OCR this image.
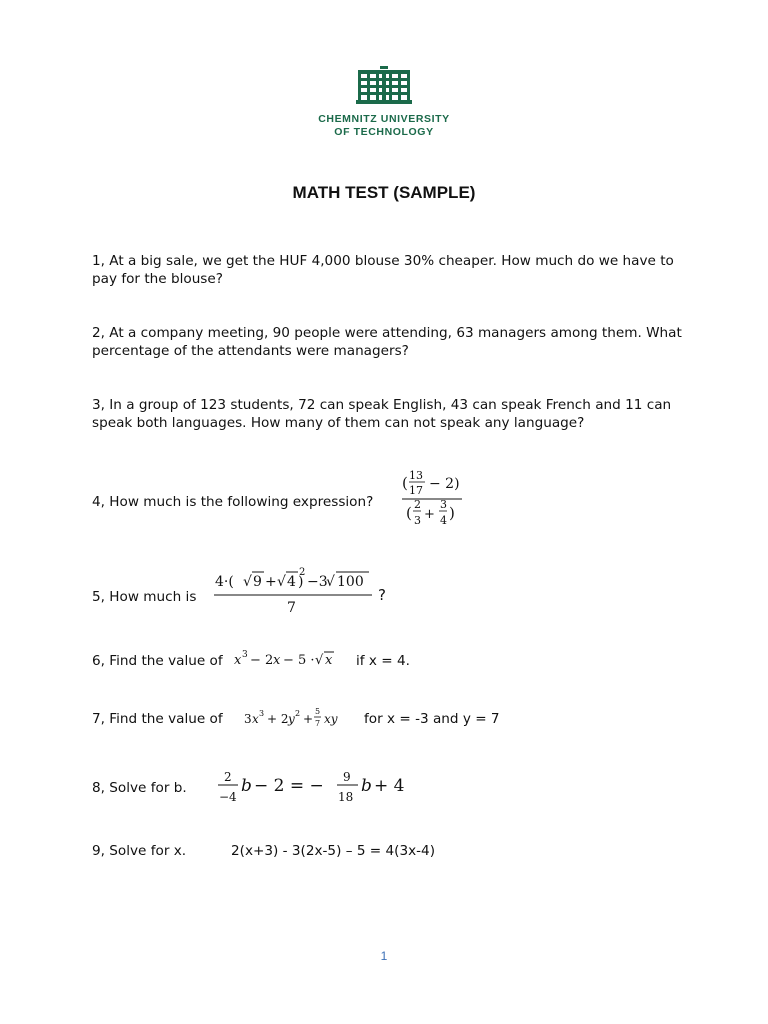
CHEMNITZ UNIVERSITY
OF TECHNOLOGY
MATH TEST (SAMPLE)
1, At a big sale, we get the HUF 4,000 blouse 30% cheaper. How much do we have to pay for the blouse?
2, At a company meeting, 90 people were attending, 63 managers among them. What percentage of the attendants were managers?
3, In a group of 123 students, 72 can speak English, 43 can speak French and 11 can speak both languages. How many of them can not speak any language?
4, How much is the following expression?
( 13
17 − 2)
( 2
3 +
3
4 )
5, How much is
4·( √ 9 + √ 4 )
2
−3
√ 100
7
?
6, Find the value of x 3 − 2 x − 5 · √ x if x = 4.
7, Find the value of 3 x 3 + 2 y 2 +
5
7 xy for x = -3 and y = 7
8, Solve for b.
2
−4
b − 2 = − 9
18
b + 4
9, Solve for x.	2(x+3) - 3(2x-5) – 5 = 4(3x-4)
1
